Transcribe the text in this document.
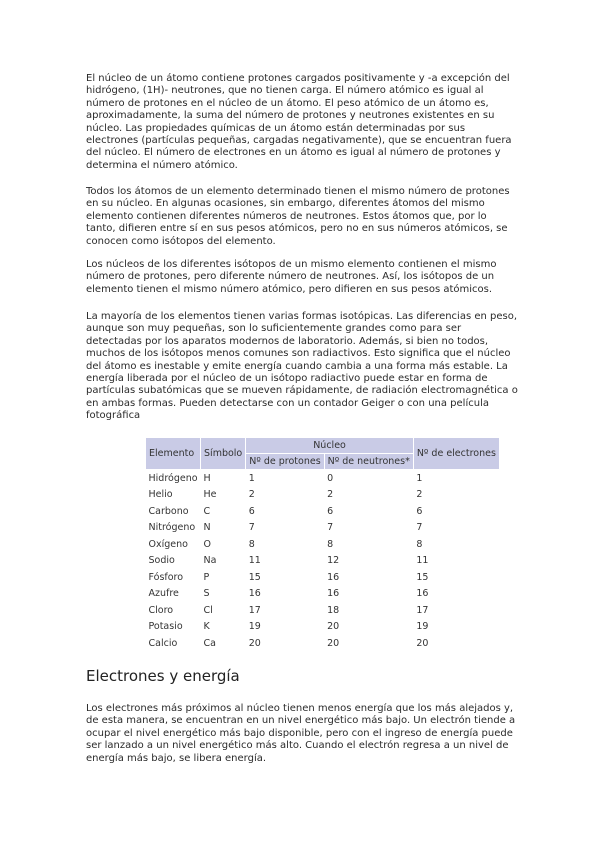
El núcleo de un átomo contiene protones cargados positivamente y -a excepción del hidrógeno, (1H)- neutrones, que no tienen carga. El número atómico es igual al número de protones en el núcleo de un átomo. El peso atómico de un átomo es, aproximadamente, la suma del número de protones y neutrones existentes en su núcleo. Las propiedades químicas de un átomo están determinadas por sus electrones (partículas pequeñas, cargadas negativamente), que se encuentran fuera del núcleo. El número de electrones en un átomo es igual al número de protones y determina el número atómico.

Todos los átomos de un elemento determinado tienen el mismo número de protones en su núcleo. En algunas ocasiones, sin embargo, diferentes átomos del mismo elemento contienen diferentes números de neutrones. Estos átomos que, por lo tanto, difieren entre sí en sus pesos atómicos, pero no en sus números atómicos, se conocen como isótopos del elemento.

Los núcleos de los diferentes isótopos de un mismo elemento contienen el mismo número de protones, pero diferente número de neutrones. Así, los isótopos de un elemento tienen el mismo número atómico, pero difieren en sus pesos atómicos.

La mayoría de los elementos tienen varias formas isotópicas. Las diferencias en peso, aunque son muy pequeñas, son lo suficientemente grandes como para ser detectadas por los aparatos modernos de laboratorio. Además, si bien no todos, muchos de los isótopos menos comunes son radiactivos. Esto significa que el núcleo del átomo es inestable y emite energía cuando cambia a una forma más estable. La energía liberada por el núcleo de un isótopo radiactivo puede estar en forma de partículas subatómicas que se mueven rápidamente, de radiación electromagnética o en ambas formas. Pueden detectarse con un contador Geiger o con una película fotográfica

Elemento	Símbolo	Núcleo		Nº de electrones
		Nº de protones	Nº de neutrones*	
Hidrógeno	H	1	0	1
Helio	He	2	2	2
Carbono	C	6	6	6
Nitrógeno	N	7	7	7
Oxígeno	O	8	8	8
Sodio	Na	11	12	11
Fósforo	P	15	16	15
Azufre	S	16	16	16
Cloro	Cl	17	18	17
Potasio	K	19	20	19
Calcio	Ca	20	20	20
Electrones y energía

Los electrones más próximos al núcleo tienen menos energía que los más alejados y, de esta manera, se encuentran en un nivel energético más bajo. Un electrón tiende a ocupar el nivel energético más bajo disponible, pero con el ingreso de energía puede ser lanzado a un nivel energético más alto. Cuando el electrón regresa a un nivel de energía más bajo, se libera energía.
